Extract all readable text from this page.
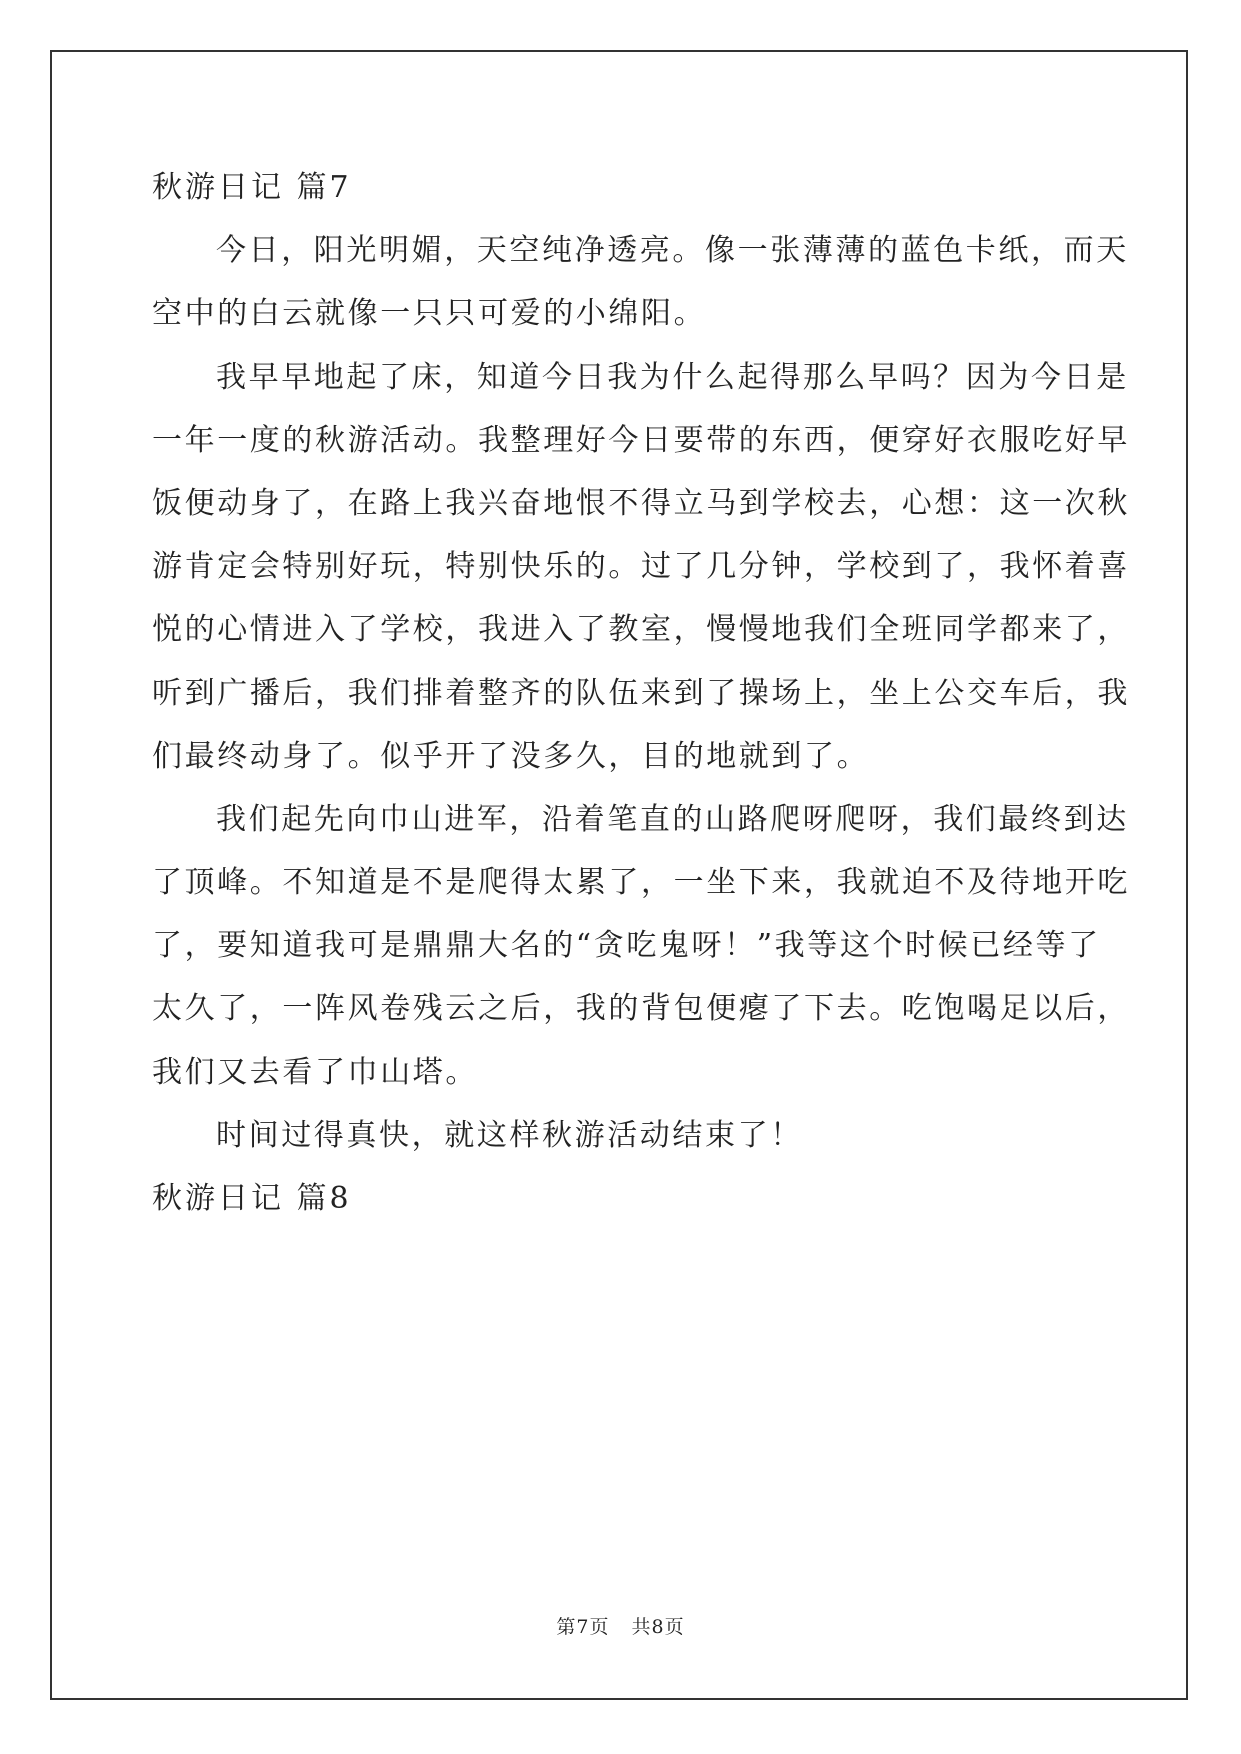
秋游日记 篇7
今日，阳光明媚，天空纯净透亮。像一张薄薄的蓝色卡纸，而天
空中的白云就像一只只可爱的小绵阳。
我早早地起了床，知道今日我为什么起得那么早吗？因为今日是
一年一度的秋游活动。我整理好今日要带的东西，便穿好衣服吃好早
饭便动身了，在路上我兴奋地恨不得立马到学校去，心想：这一次秋
游肯定会特别好玩，特别快乐的。过了几分钟，学校到了，我怀着喜
悦的心情进入了学校，我进入了教室，慢慢地我们全班同学都来了，
听到广播后，我们排着整齐的队伍来到了操场上，坐上公交车后，我
们最终动身了。似乎开了没多久，目的地就到了。
我们起先向巾山进军，沿着笔直的山路爬呀爬呀，我们最终到达
了顶峰。不知道是不是爬得太累了，一坐下来，我就迫不及待地开吃
了，要知道我可是鼎鼎大名的“贪吃鬼呀！”我等这个时候已经等了
太久了，一阵风卷残云之后，我的背包便瘪了下去。吃饱喝足以后，
我们又去看了巾山塔。
时间过得真快，就这样秋游活动结束了！
秋游日记 篇8
第7页 共8页
